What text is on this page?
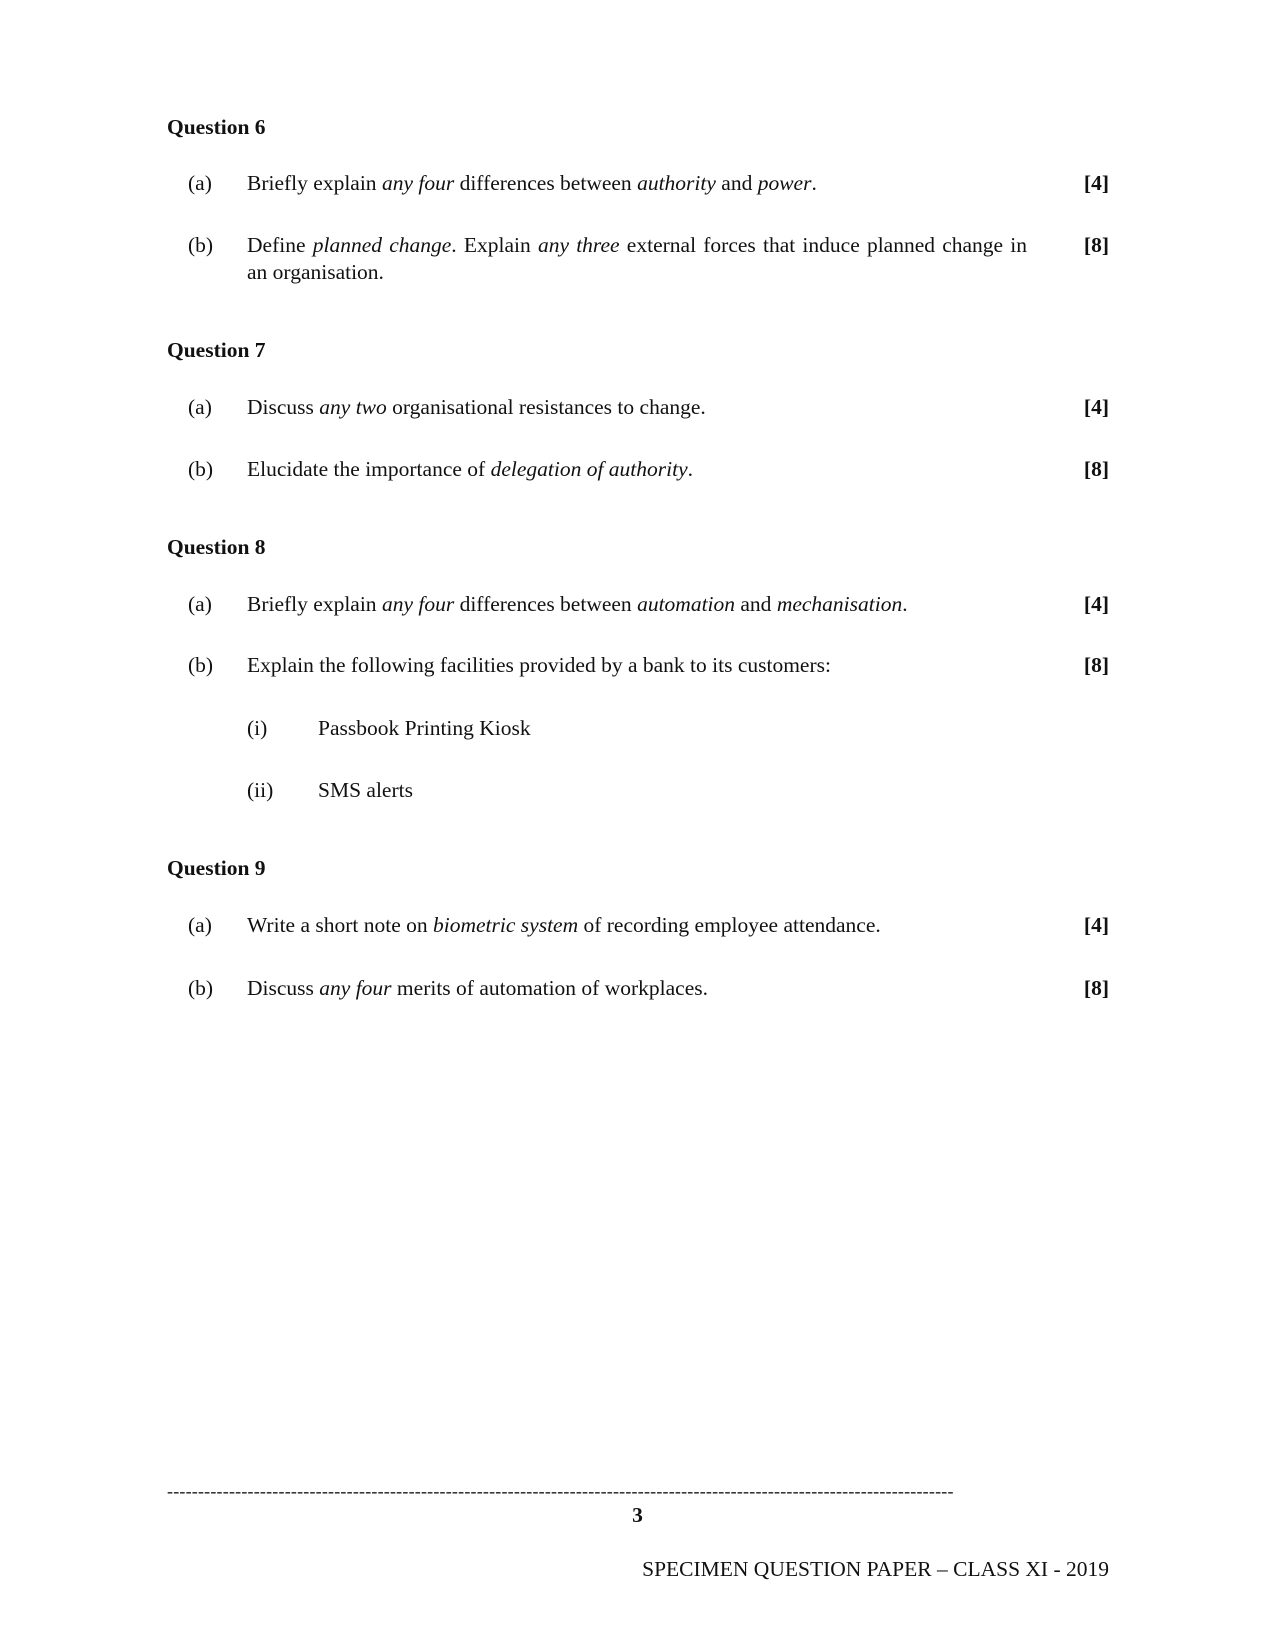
Question 6
(a) Briefly explain any four differences between authority and power.	[4]
(b) Define planned change. Explain any three external forces that induce planned change in an organisation.
[8]
Question 7
(a) Discuss any two organisational resistances to change.	[4]
(b) Elucidate the importance of delegation of authority.	[8]
Question 8
(a) Briefly explain any four differences between automation and mechanisation.	[4]
(b) Explain the following facilities provided by a bank to its customers:	[8]
(i) Passbook Printing Kiosk
(ii) SMS alerts
Question 9
(a) Write a short note on biometric system of recording employee attendance.	[4]
(b) Discuss any four merits of automation of workplaces.	[8]
-------------------------------------------------------------------------------------------------------------------------------
3
SPECIMEN QUESTION PAPER – CLASS XI - 2019
